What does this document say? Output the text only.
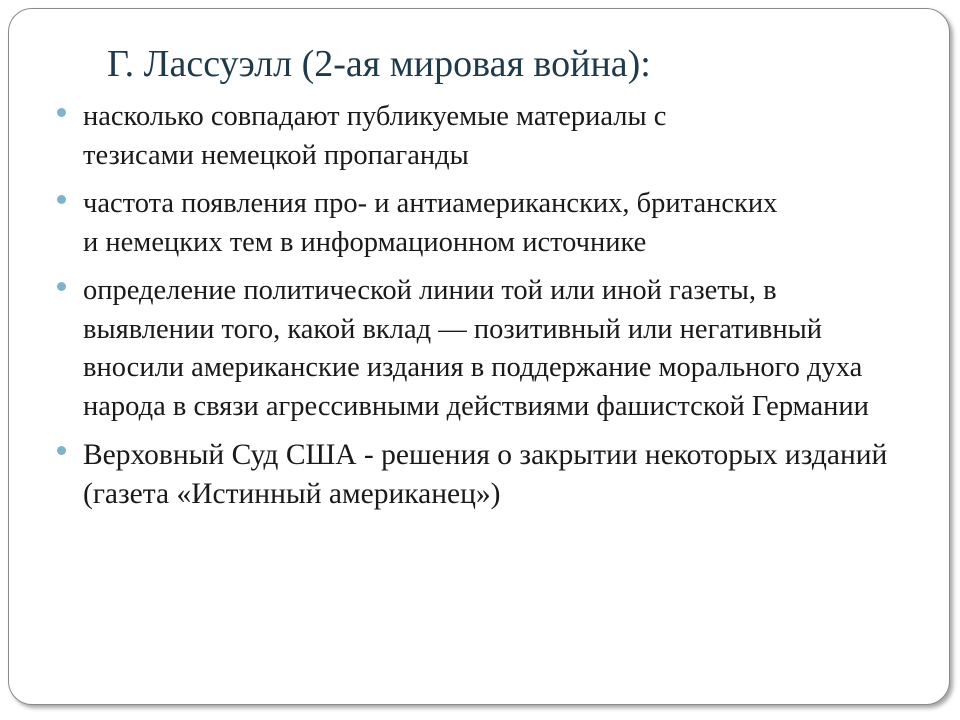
Г. Лассуэлл (2-ая мировая война):
насколько совпадают публикуемые материалы с тезисами немецкой пропаганды
частота появления про- и антиамериканских, британских и немецких тем в информационном источнике
определение политической линии той или иной газеты, в выявлении того, какой вклад — позитивный или негативный вносили американские издания в поддержание морального духа народа в связи агрессивными действиями фашистской Германии
Верховный Суд США - решения о закрытии некоторых изданий (газета «Истинный американец»)
